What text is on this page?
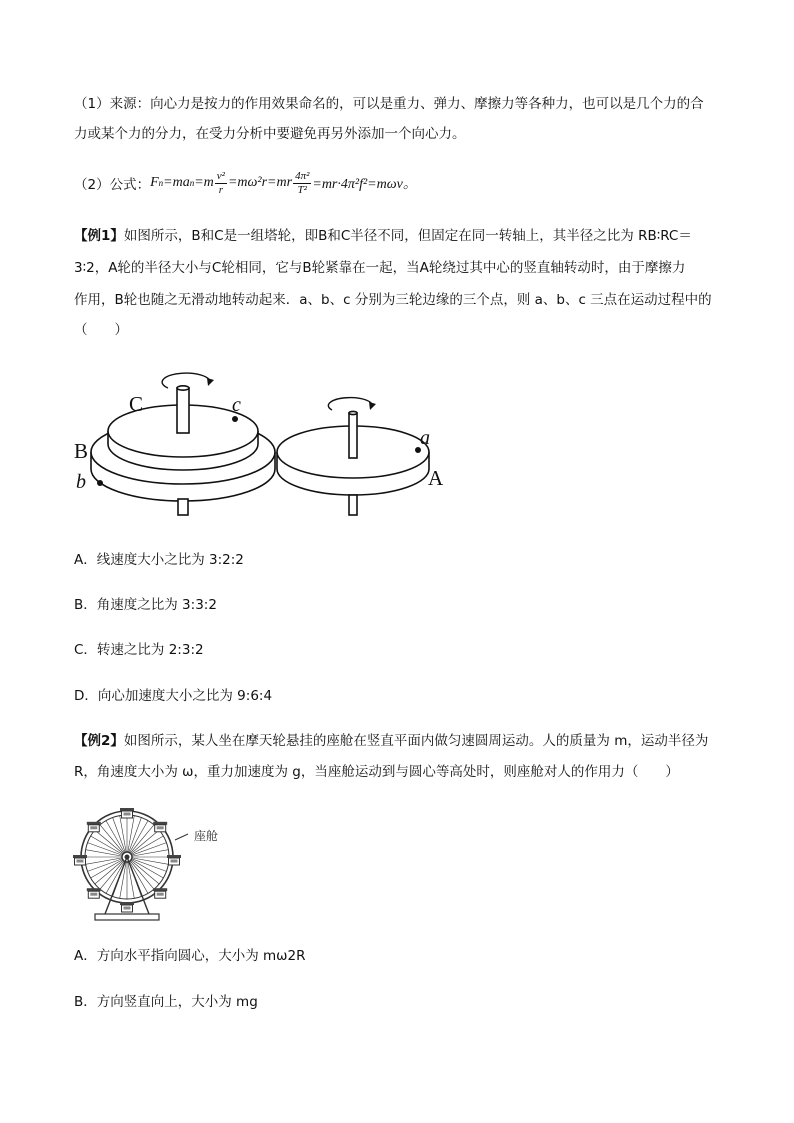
（1）来源：向心力是按力的作用效果命名的，可以是重力、弹力、摩擦力等各种力，也可以是几个力的合
力或某个力的分力，在受力分析中要避免再另外添加一个向心力。
（2）公式： F n =ma $n =m \frac{\text{v²}}{r} =m\omega^2r=mr \frac{\text{4π²}}{\text{T²}} =mr\cdot 4\pi^2f^2=m\omega v$。
【例1】如图所示，B和C是一组塔轮，即B和C半径不同，但固定在同一转轴上，其半径之比为 RB∶RC＝
3∶2，A轮的半径大小与C轮相同，它与B轮紧靠在一起，当A轮绕过其中心的竖直轴转动时，由于摩擦力
作用，B轮也随之无滑动地转动起来．a、b、c 分别为三轮边缘的三个点，则 a、b、c 三点在运动过程中的
（　　）
C
B
A
c
a
b
A．线速度大小之比为 3:2:2
B．角速度之比为 3:3:2
C．转速之比为 2:3:2
D．向心加速度大小之比为 9:6:4
【例2】如图所示，某人坐在摩天轮悬挂的座舱在竖直平面内做匀速圆周运动。人的质量为 m，运动半径为
R，角速度大小为 ω，重力加速度为 g，当座舱运动到与圆心等高处时，则座舱对人的作用力（　　）
座舱
A．方向水平指向圆心，大小为 mω2R
B．方向竖直向上，大小为 mg
